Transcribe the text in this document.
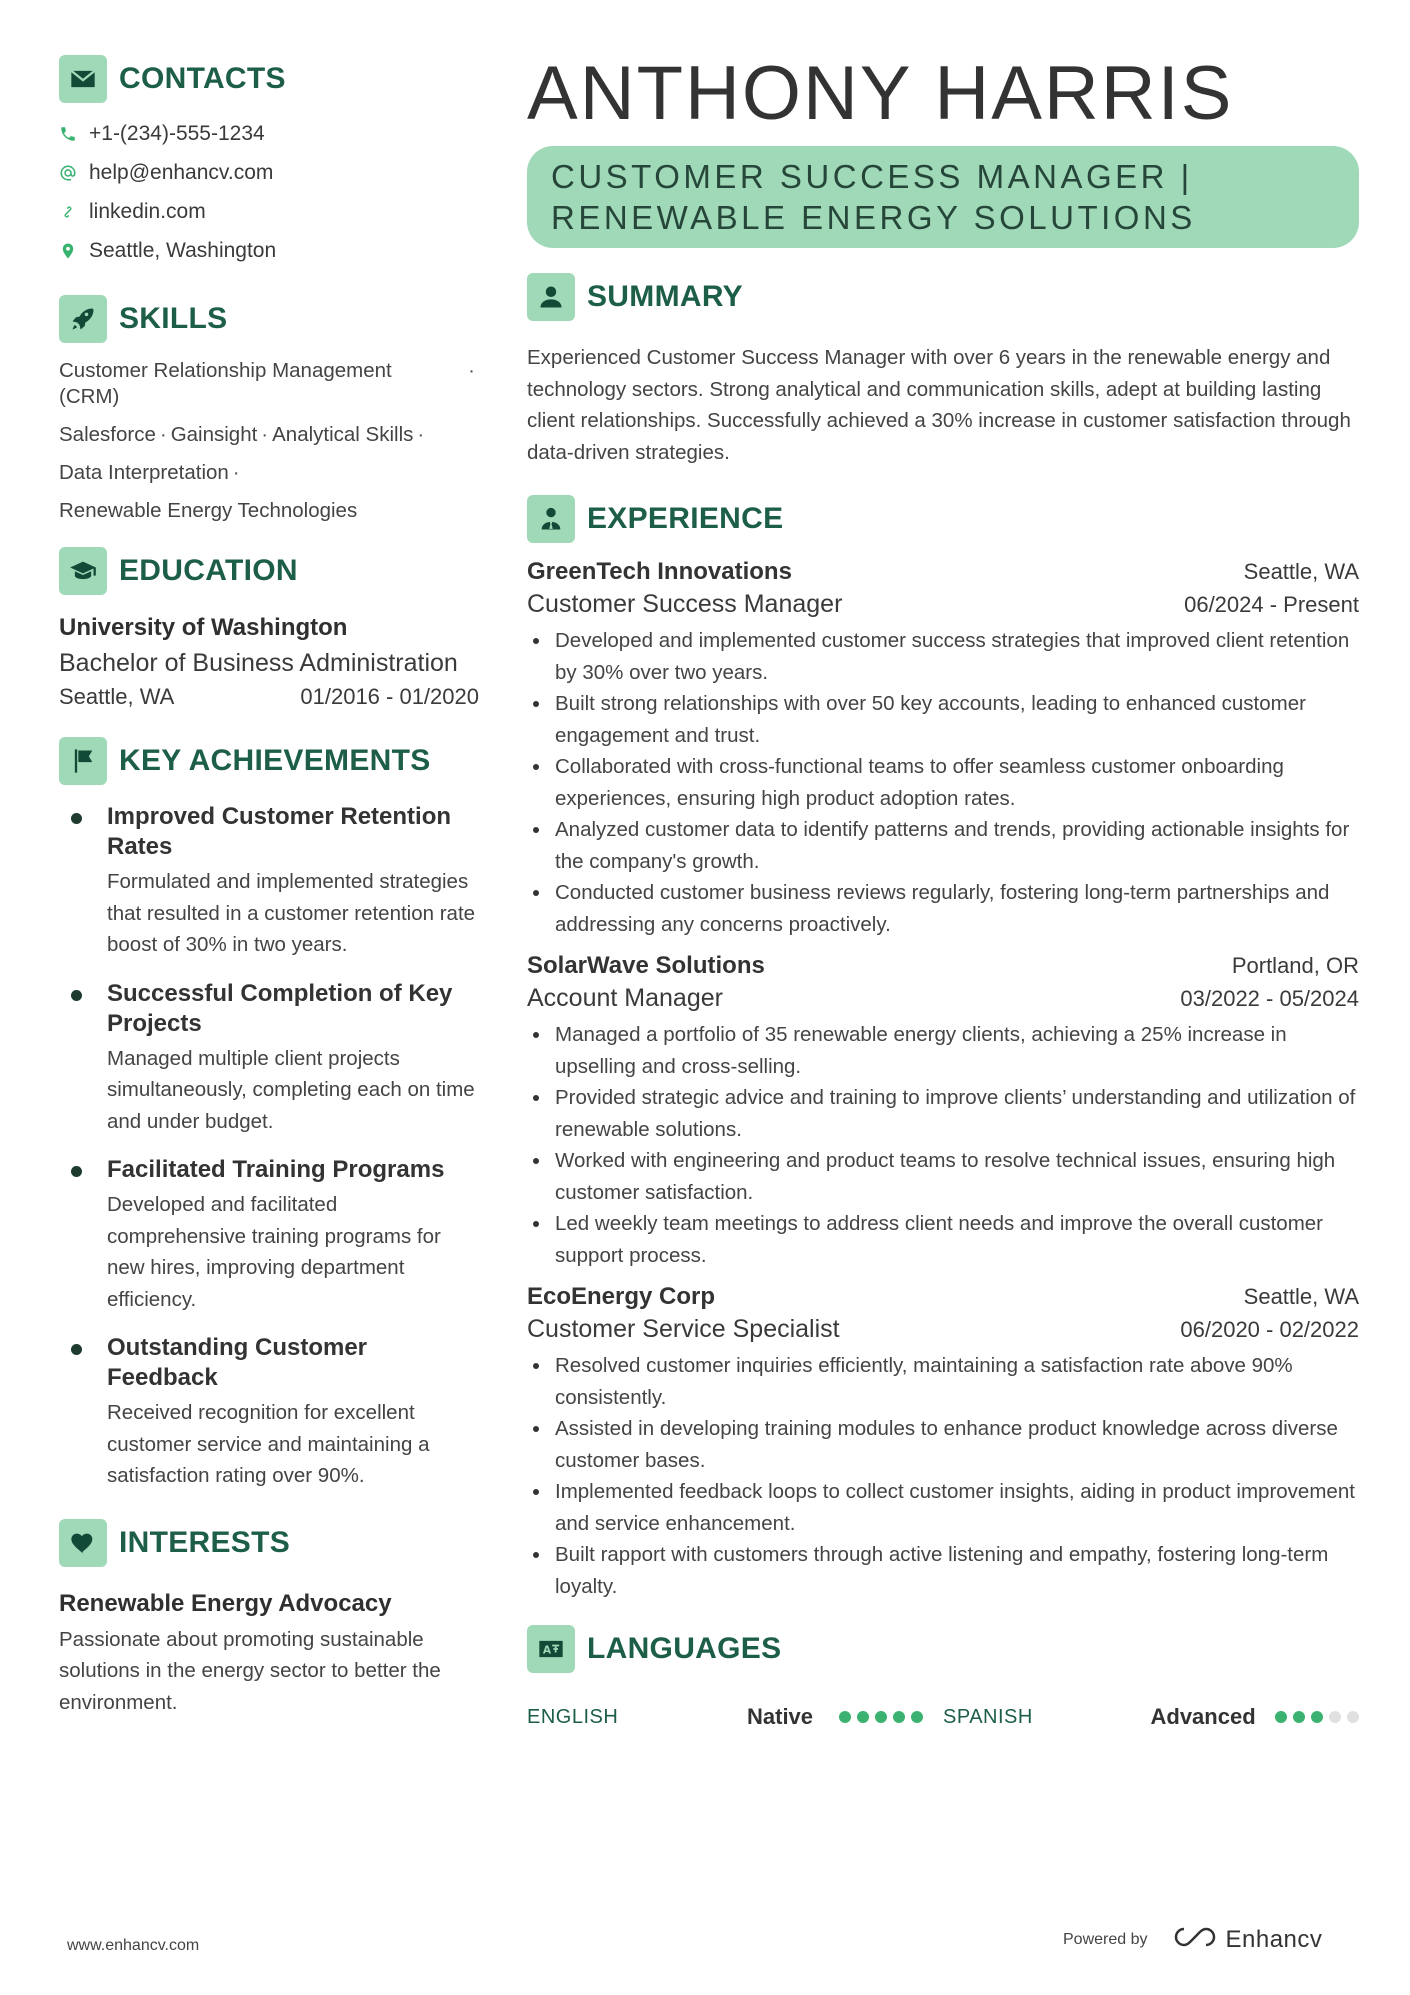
CONTACTS
+1-(234)-555-1234
help@enhancv.com
linkedin.com
Seattle, Washington
SKILLS
Customer Relationship Management (CRM)
·
Salesforce · Gainsight · Analytical Skills ·
Data Interpretation ·
Renewable Energy Technologies
EDUCATION
University of Washington
Bachelor of Business Administration
Seattle, WA	01/2016 - 01/2020
KEY ACHIEVEMENTS
Improved Customer Retention Rates
Formulated and implemented strategies that resulted in a customer retention rate boost of 30% in two years.
Successful Completion of Key Projects
Managed multiple client projects simultaneously, completing each on time and under budget.
Facilitated Training Programs
Developed and facilitated comprehensive training programs for new hires, improving department efficiency.
Outstanding Customer Feedback
Received recognition for excellent customer service and maintaining a satisfaction rating over 90%.
INTERESTS
Renewable Energy Advocacy
Passionate about promoting sustainable solutions in the energy sector to better the environment.
ANTHONY HARRIS
CUSTOMER SUCCESS MANAGER |
RENEWABLE ENERGY SOLUTIONS
SUMMARY
Experienced Customer Success Manager with over 6 years in the renewable energy and technology sectors. Strong analytical and communication skills, adept at building lasting client relationships. Successfully achieved a 30% increase in customer satisfaction through data-driven strategies.
EXPERIENCE
GreenTech Innovations	Seattle, WA
Customer Success Manager	06/2024 - Present
Developed and implemented customer success strategies that improved client retention by 30% over two years.
Built strong relationships with over 50 key accounts, leading to enhanced customer engagement and trust.
Collaborated with cross-functional teams to offer seamless customer onboarding experiences, ensuring high product adoption rates.
Analyzed customer data to identify patterns and trends, providing actionable insights for the company's growth.
Conducted customer business reviews regularly, fostering long-term partnerships and addressing any concerns proactively.
SolarWave Solutions	Portland, OR
Account Manager	03/2022 - 05/2024
Managed a portfolio of 35 renewable energy clients, achieving a 25% increase in upselling and cross-selling.
Provided strategic advice and training to improve clients’ understanding and utilization of renewable solutions.
Worked with engineering and product teams to resolve technical issues, ensuring high customer satisfaction.
Led weekly team meetings to address client needs and improve the overall customer support process.
EcoEnergy Corp	Seattle, WA
Customer Service Specialist	06/2020 - 02/2022
Resolved customer inquiries efficiently, maintaining a satisfaction rate above 90% consistently.
Assisted in developing training modules to enhance product knowledge across diverse customer bases.
Implemented feedback loops to collect customer insights, aiding in product improvement and service enhancement.
Built rapport with customers through active listening and empathy, fostering long-term loyalty.
A LANGUAGES
ENGLISH	Native	SPANISH	Advanced
www.enhancv.com	Powered by	Enhancv
